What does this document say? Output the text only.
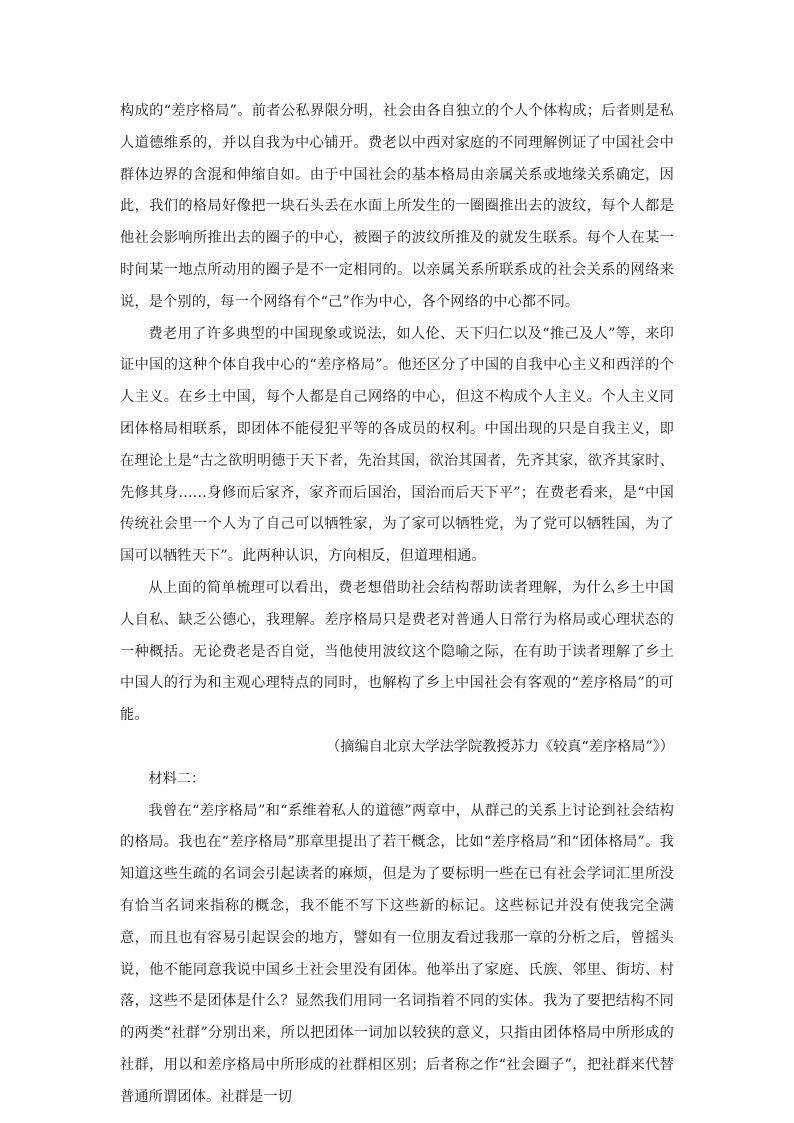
构成的“差序格局”。前者公私界限分明，社会由各自独立的个人个体构成；后者则是私人道德维系的，并以自我为中心铺开。费老以中西对家庭的不同理解例证了中国社会中群体边界的含混和伸缩自如。由于中国社会的基本格局由亲属关系或地缘关系确定，因此，我们的格局好像把一块石头丢在水面上所发生的一圈圈推出去的波纹，每个人都是他社会影响所推出去的圈子的中心，被圈子的波纹所推及的就发生联系。每个人在某一时间某一地点所动用的圈子是不一定相同的。以亲属关系所联系成的社会关系的网络来说，是个别的，每一个网络有个“己”作为中心，各个网络的中心都不同。

费老用了许多典型的中国现象或说法，如人伦、天下归仁以及“推己及人”等，来印证中国的这种个体自我中心的“差序格局”。他还区分了中国的自我中心主义和西洋的个人主义。在乡土中国，每个人都是自己网络的中心，但这不构成个人主义。个人主义同团体格局相联系，即团体不能侵犯平等的各成员的权利。中国出现的只是自我主义，即在理论上是“古之欲明明德于天下者，先治其国，欲治其国者，先齐其家，欲齐其家时、先修其身……身修而后家齐，家齐而后国治，国治而后天下平”；在费老看来，是“中国传统社会里一个人为了自己可以牺牲家，为了家可以牺牲党，为了党可以牺牲国，为了国可以牺牲天下”。此两种认识，方向相反，但道理相通。

从上面的简单梳理可以看出，费老想借助社会结构帮助读者理解，为什么乡土中国人自私、缺乏公德心，我理解。差序格局只是费老对普通人日常行为格局或心理状态的一种概括。无论费老是否自觉，当他使用波纹这个隐喻之际，在有助于读者理解了乡土中国人的行为和主观心理特点的同时，也解构了乡上中国社会有客观的“差序格局”的可能。

（摘编自北京大学法学院教授苏力《较真“差序格局”》）

材料二：

我曾在“差序格局”和“系维着私人的道德”两章中，从群己的关系上讨论到社会结构的格局。我也在“差序格局”那章里提出了若干概念，比如“差序格局”和“团体格局”。我知道这些生疏的名词会引起读者的麻烦，但是为了要标明一些在已有社会学词汇里所没有恰当名词来指称的概念，我不能不写下这些新的标记。这些标记并没有使我完全满意，而且也有容易引起误会的地方，譬如有一位朋友看过我那一章的分析之后，曾摇头说，他不能同意我说中国乡土社会里没有团体。他举出了家庭、氏族、邻里、街坊、村落，这些不是团体是什么？显然我们用同一名词指着不同的实体。我为了要把结构不同的两类“社群”分别出来，所以把团体一词加以较狭的意义，只指由团体格局中所形成的社群，用以和差序格局中所形成的社群相区别；后者称之作“社会圈子”，把社群来代替普通所谓团体。社群是一切
